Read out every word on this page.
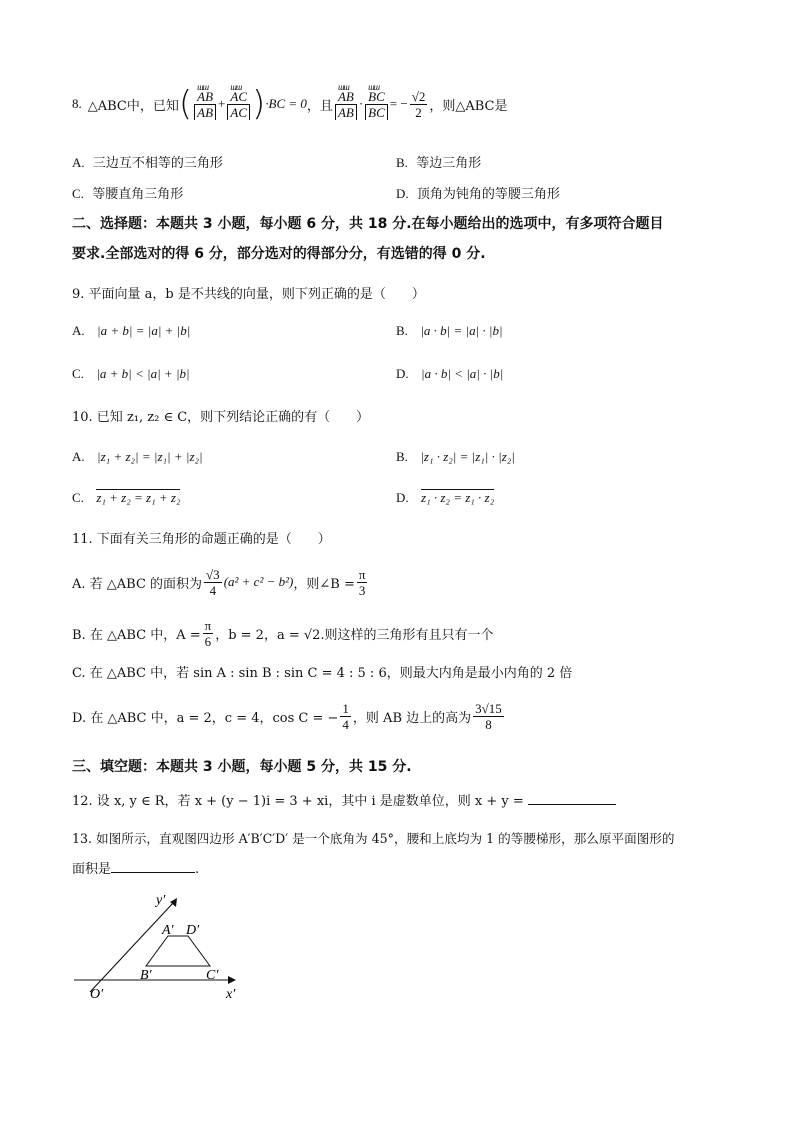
8. △ABC中，已知 ( ɯɯ $\frac{AB}{AB}$ + ɯɯ $\frac{AC}{AC}$ ) ·BC = 0 ，且 ɯɯ $\frac{AB}{AB}$ · ɯɯ $\frac{BC}{BC}$ = − $\frac{√2}{2}$ ，则△ABC是
A. 三边互不相等的三角形	B. 等边三角形
C. 等腰直角三角形	D. 顶角为钝角的等腰三角形
二、选择题：本题共 3 小题，每小题 6 分，共 18 分.在每小题给出的选项中，有多项符合题目
要求.全部选对的得 6 分，部分选对的得部分分，有选错的得 0 分.
9. 平面向量 a，b 是不共线的向量，则下列正确的是（　　）
A. |a + b| = |a| + |b|	B. |a · b| = |a| · |b|
C. |a + b| < |a| + |b|	D. |a · b| < |a| · |b|
10. 已知 z₁, z₂ ∈ C，则下列结论正确的有（　　）
A. |z₁ + z₂| = |z₁| + |z₂|	B. |z₁ · z₂| = |z₁| · |z₂|
C. z₁ + z₂ = z₁ + z₂	D. z₁ · z₂ = z₁ · z₂
11. 下面有关三角形的命题正确的是（　　）
A. 若 △ABC 的面积为 $\frac{√3}{4} (a^2 + c^2 - b^2)$ ，则∠B = $\frac{\pi}{3}$
B. 在 △ABC 中，$A = \frac{\pi}{6}$ ，b = 2，a = √2.则这样的三角形有且只有一个
C. 在 △ABC 中，若 sin A : sin B : sin C = 4 : 5 : 6，则最大内角是最小内角的 2 倍
D. 在 △ABC 中，a = 2，c = 4，cos C = − $\frac{1}{4}$ ，则 AB 边上的高为 $\frac{3√15}{8}$
三、填空题：本题共 3 小题，每小题 5 分，共 15 分.
12. 设 x, y ∈ R，若 x + (y − 1)i = 3 + xi，其中 i 是虚数单位，则 x + y =
13. 如图所示，直观图四边形 A′B′C′D′ 是一个底角为 45°，腰和上底均为 1 的等腰梯形，那么原平面图形的
面积是	.
y′
x′
O′
A′ D′
B′	C′
